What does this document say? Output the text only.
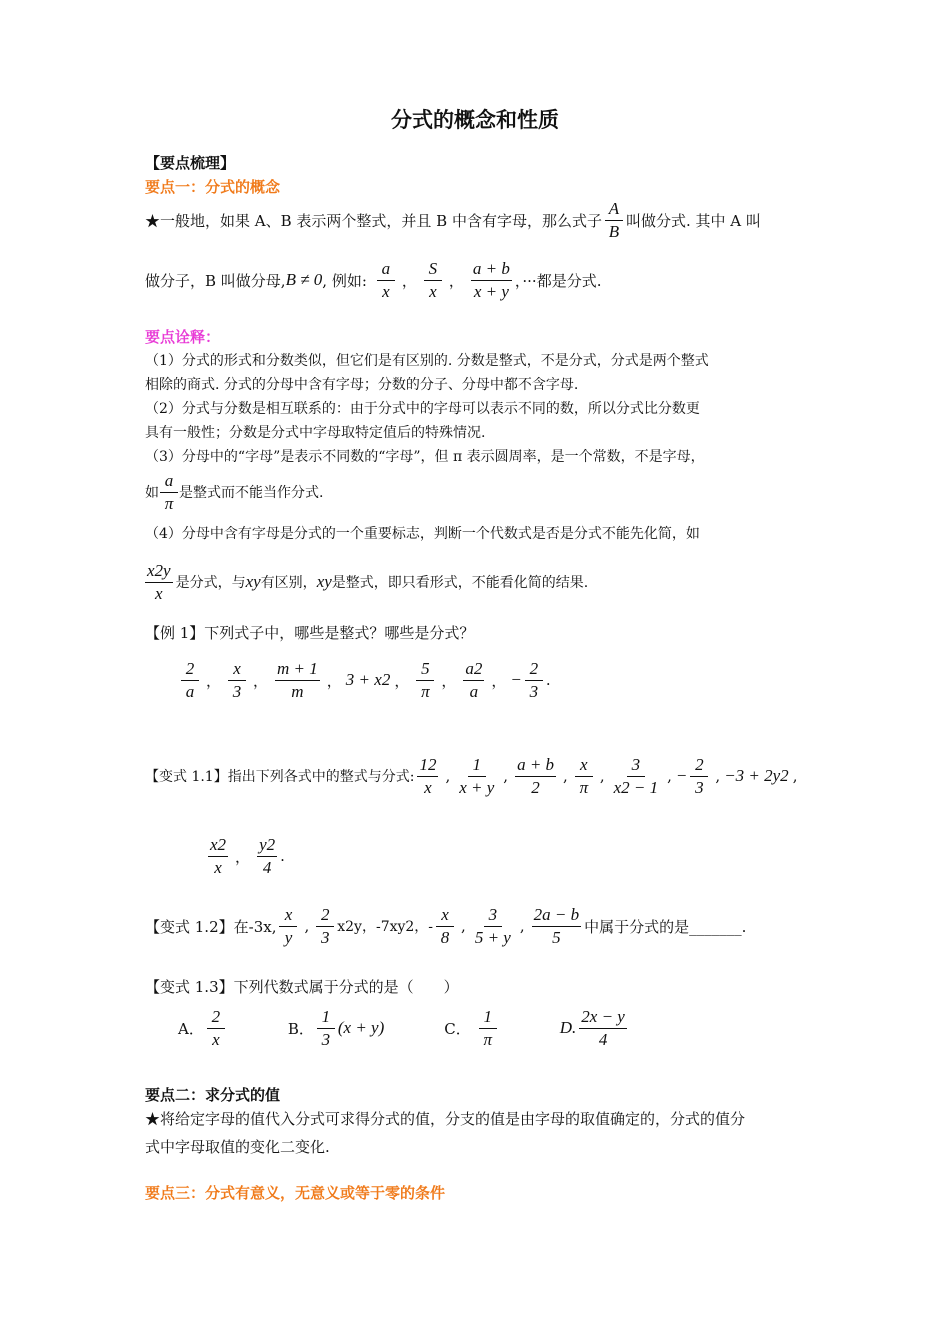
分式的概念和性质
【要点梳理】
要点一：分式的概念
★一般地，如果 A、B 表示两个整式，并且 B 中含有字母，那么式子 $\frac{A}{B}$ 叫做分式. 其中 A 叫
做分子，B 叫做分母, B ≠ 0 , 例如: $\frac{a}{x}$ ， $\frac{S}{x}$ ， $\frac{a + b}{x + y}$ ，···都是分式.
要点诠释：
（1）分式的形式和分数类似，但它们是有区别的. 分数是整式，不是分式，分式是两个整式
相除的商式. 分式的分母中含有字母；分数的分子、分母中都不含字母.
（2）分式与分数是相互联系的：由于分式中的字母可以表示不同的数，所以分式比分数更
具有一般性；分数是分式中字母取特定值后的特殊情况.
（3）分母中的“字母”是表示不同数的“字母”，但 π 表示圆周率，是一个常数，不是字母，
如 $\frac{a}{\pi}$ 是整式而不能当作分式.
（4）分母中含有字母是分式的一个重要标志，判断一个代数式是否是分式不能先化简，如
$\frac{x2y}{x}$ 是分式，与 xy 有区别， xy 是整式，即只看形式，不能看化简的结果.
【例 1】下列式子中，哪些是整式？哪些是分式？
$\frac{2}{a}$ ， $\frac{x}{3}$ ， $\frac{m + 1}{m}$ ， 3 + x2 ， $\frac{5}{\pi}$ ， $\frac{a2}{a}$ ， − $\frac{2}{3}$ .
【变式 1.1】指出下列各式中的整式与分式: $\frac{12}{x}$ , $\frac{1}{x + y}$ , $\frac{a + b}{2}$ , $\frac{x}{\pi}$ , $\frac{3}{x2 - 1}$ , − $\frac{2}{3}$ , −3 + 2y2 ,
$\frac{x2}{x}$ ， $\frac{y2}{4}$ .
【变式 1.2】在-3x, $\frac{x}{y}$ , $\frac{2}{3} x2y$，-7xy2，- $\frac{x}{8}$ , $\frac{3}{5 + y}$ , $\frac{2a - b}{5}$ 中属于分式的是_______.
【变式 1.3】下列代数式属于分式的是（　　）
A． $\frac{2}{x}$	B． $\frac{1}{3} (x + y)$	C． $\frac{1}{\pi}$	D. $\frac{2x - y}{4}$
要点二：求分式的值
★将给定字母的值代入分式可求得分式的值，分支的值是由字母的取值确定的，分式的值分
式中字母取值的变化二变化.
要点三：分式有意义，无意义或等于零的条件
